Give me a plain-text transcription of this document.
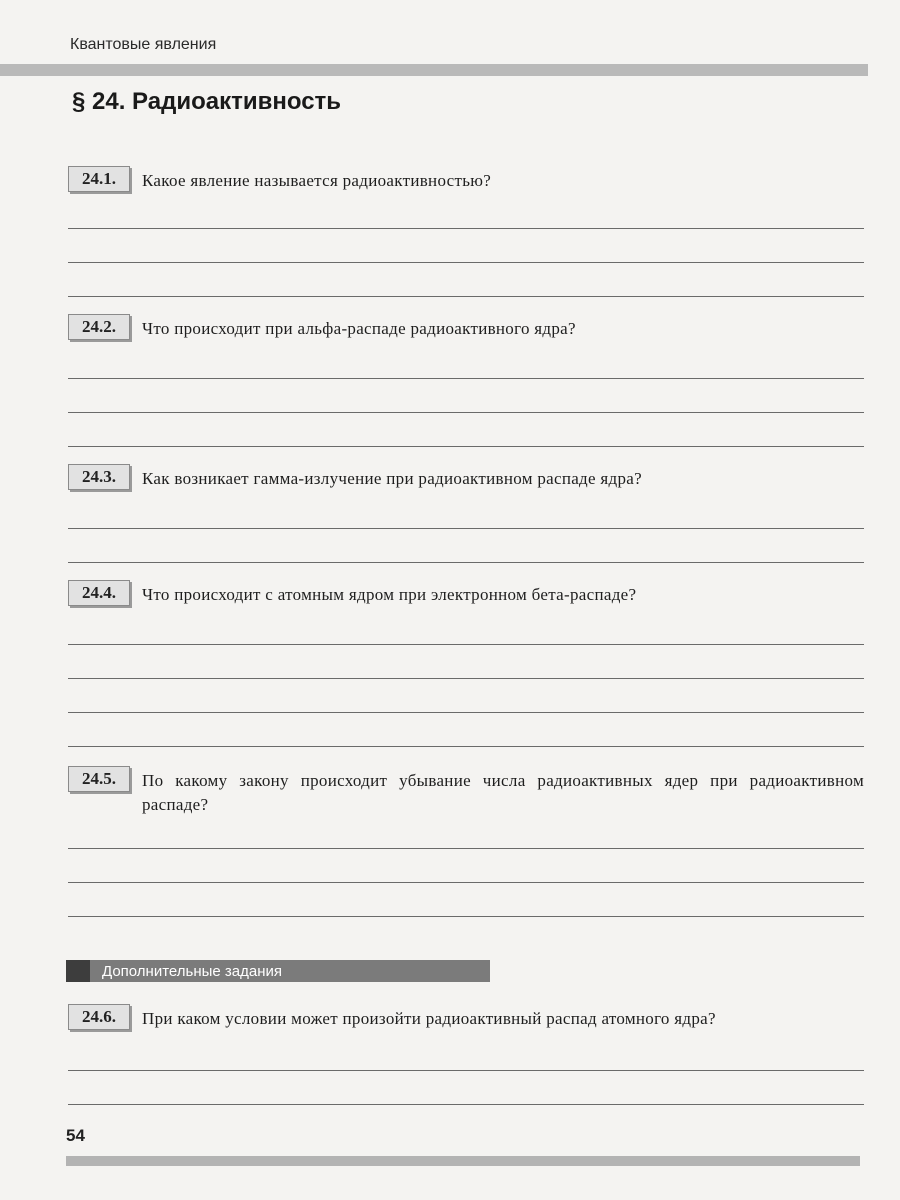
Квантовые явления
§ 24. Радиоактивность
24.1.	Какое явление называется радиоактивностью?
24.2.	Что происходит при альфа-распаде радиоактивного ядра?
24.3.	Как возникает гамма-излучение при радиоактивном распаде ядра?
24.4.	Что происходит с атомным ядром при электронном бета-распаде?
24.5.	По какому закону происходит убывание числа радиоактивных ядер при радиоактивном распаде?
Дополнительные задания
24.6.	При каком условии может произойти радиоактивный распад атомного ядра?
54
